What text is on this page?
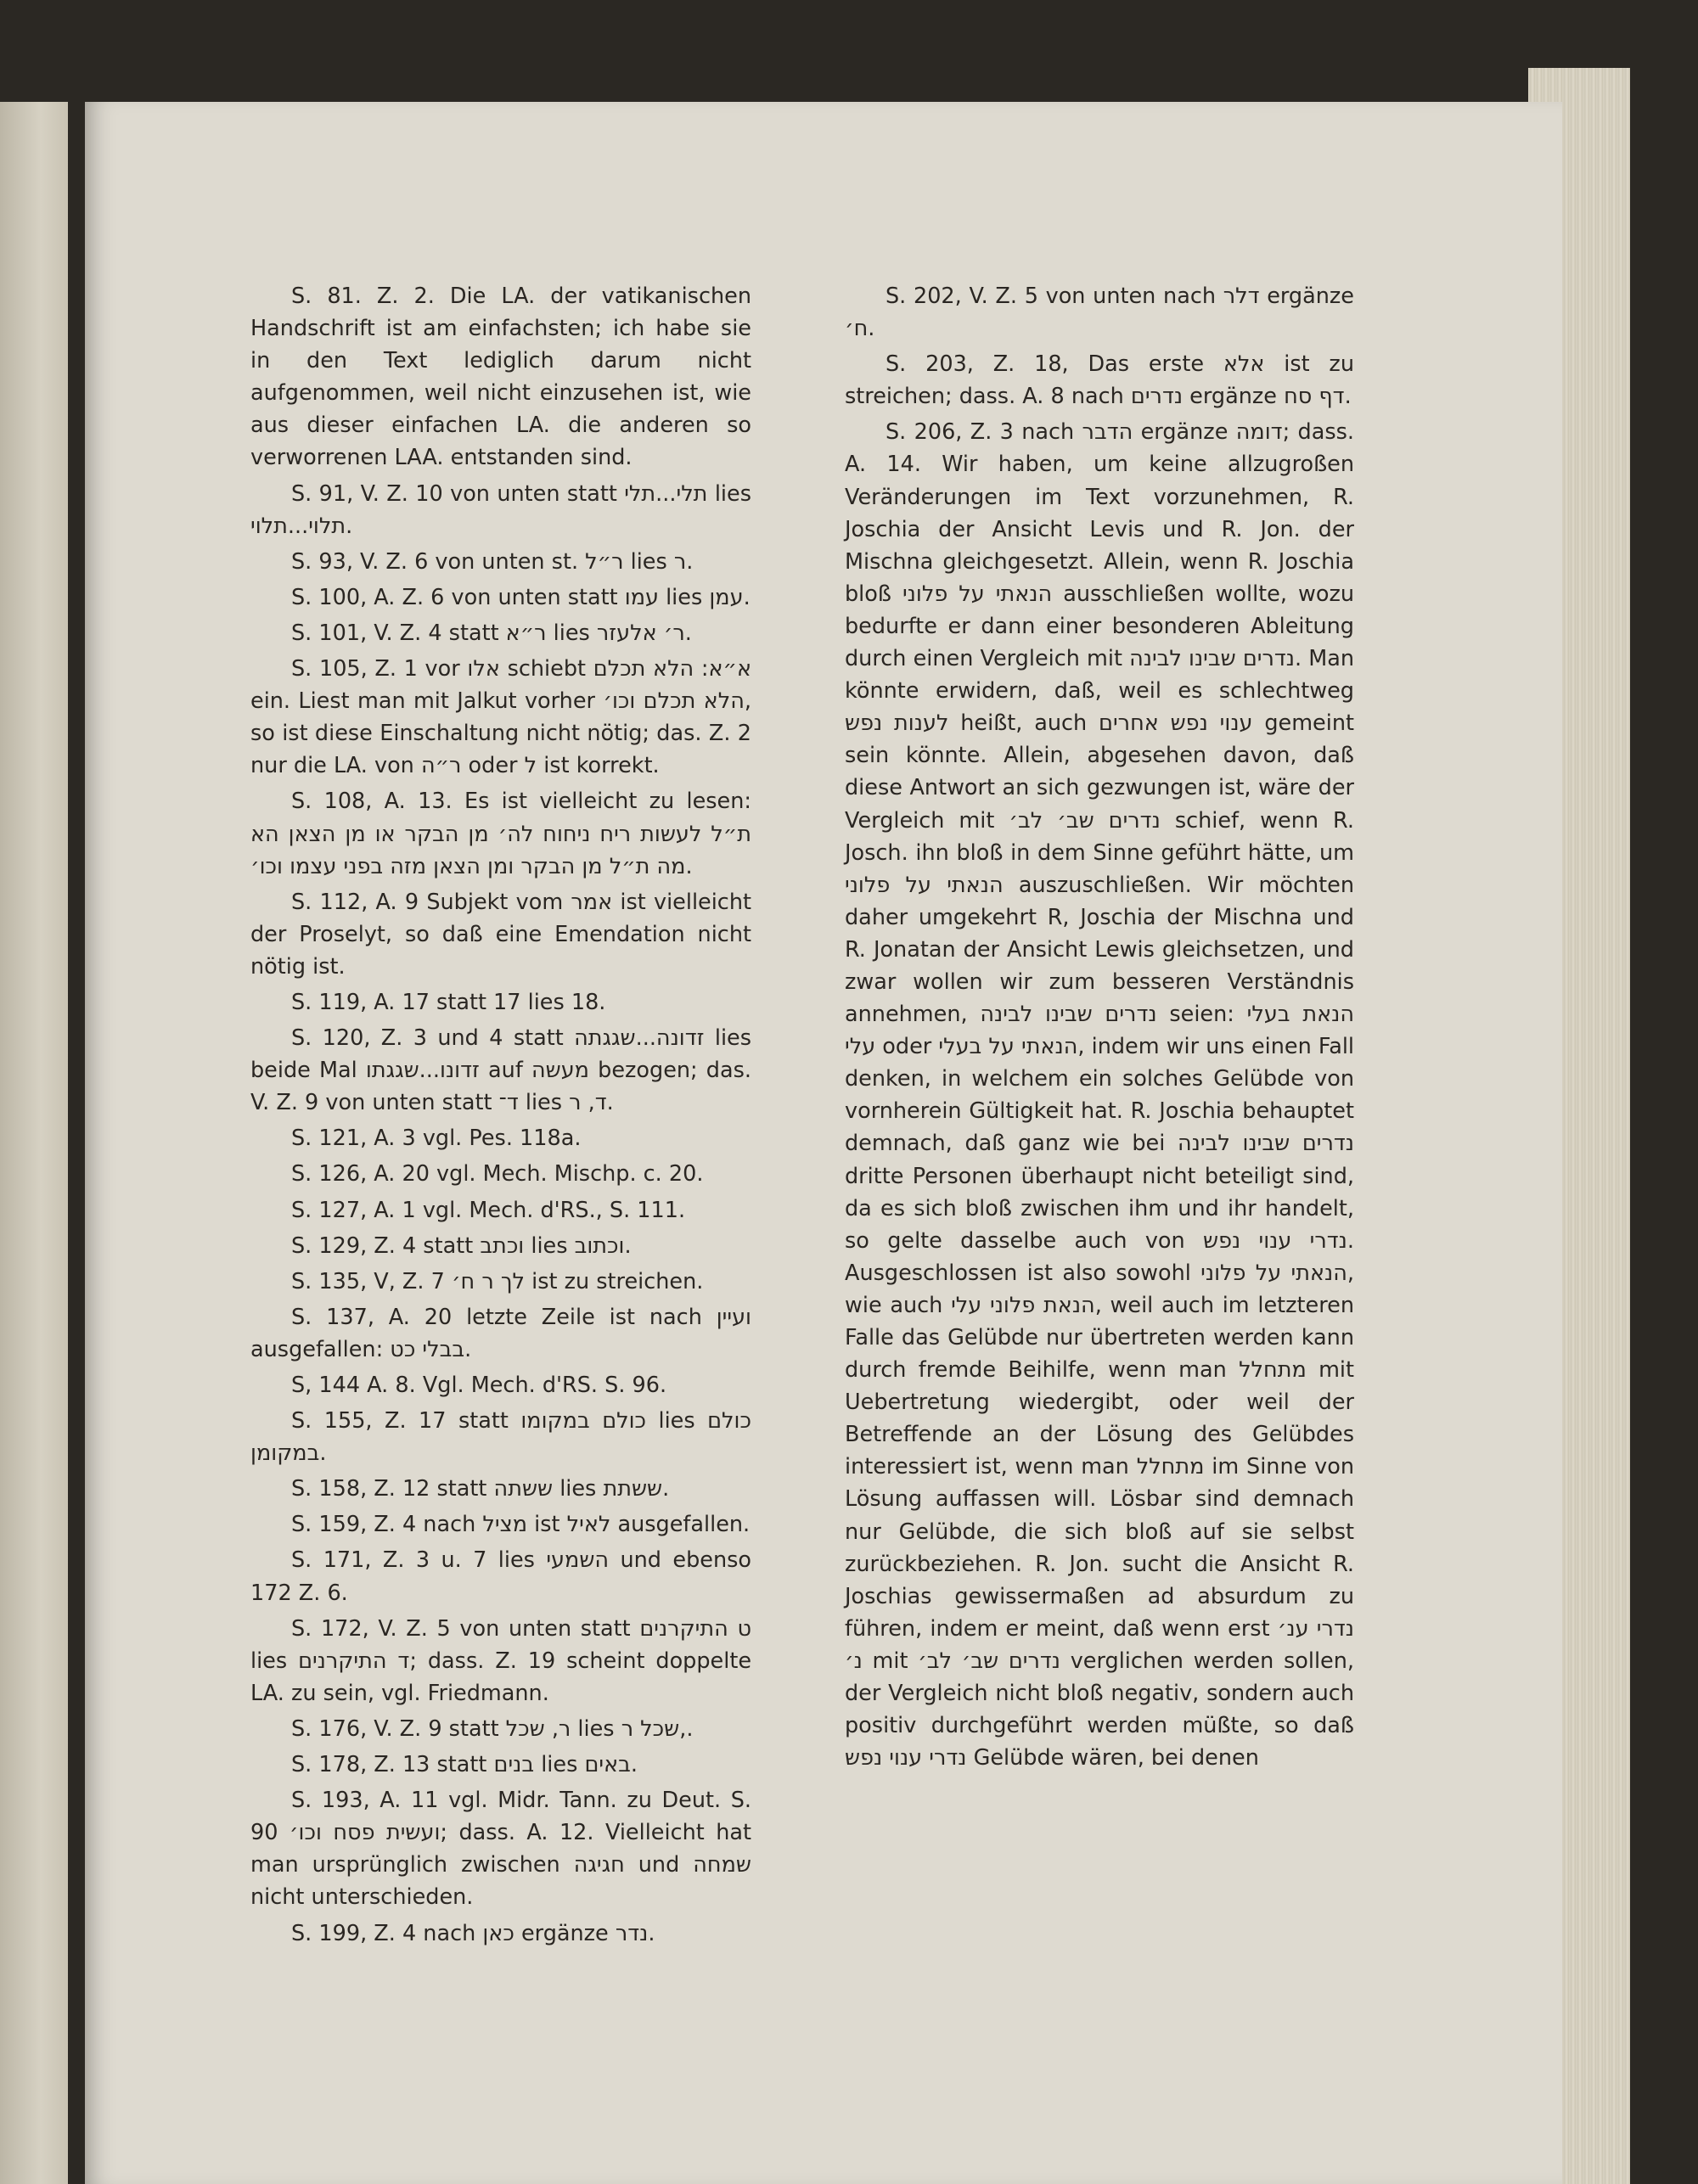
S. 81. Z. 2. Die LA. der vatikanischen Handschrift ist am einfachsten; ich habe sie in den Text lediglich darum nicht aufgenommen, weil nicht einzusehen ist, wie aus dieser einfachen LA. die anderen so verworrenen LAA. entstanden sind.

S. 91, V. Z. 10 von unten statt תלי...תלי lies תלוי...תלוי.

S. 93, V. Z. 6 von unten st. ר״ל lies ר.

S. 100, A. Z. 6 von unten statt עמו lies עמן.

S. 101, V. Z. 4 statt ר״א lies ר׳ אלעזר.

S. 105, Z. 1 vor אלו schiebt א״א: הלא תכלם ein. Liest man mit Jalkut vorher הלא תכלם וכו׳, so ist diese Einschaltung nicht nötig; das. Z. 2 nur die LA. von ר״ה oder ל ist korrekt.

S. 108, A. 13. Es ist vielleicht zu lesen: ת״ל לעשות ריח ניחוח לה׳ מן הבקר או מן הצאן הא מה ת״ל מן הבקר ומן הצאן מזה בפני עצמו וכו׳.

S. 112, A. 9 Subjekt vom אמר ist vielleicht der Proselyt, so daß eine Emendation nicht nötig ist.

S. 119, A. 17 statt 17 lies 18.

S. 120, Z. 3 und 4 statt זדונה...שגגתה lies beide Mal זדונו...שגגתו auf מעשה bezogen; das. V. Z. 9 von unten statt ד־ lies ד, ר.

S. 121, A. 3 vgl. Pes. 118a.

S. 126, A. 20 vgl. Mech. Mischp. c. 20.

S. 127, A. 1 vgl. Mech. d'RS., S. 111.

S. 129, Z. 4 statt וכתב lies וכתוב.

S. 135, V, Z. 7 לך ר ח׳ ist zu streichen.

S. 137, A. 20 letzte Zeile ist nach ועיין ausgefallen: בבלי כט.

S, 144 A. 8. Vgl. Mech. d'RS. S. 96.

S. 155, Z. 17 statt כולם במקומו lies כולם במקומן.

S. 158, Z. 12 statt ששתה lies ששתת.

S. 159, Z. 4 nach מציל ist לאיל ausgefallen.

S. 171, Z. 3 u. 7 lies השמעי und ebenso 172 Z. 6.

S. 172, V. Z. 5 von unten statt ט התיקרנים lies ד התיקרנים; dass. Z. 19 scheint doppelte LA. zu sein, vgl. Friedmann.

S. 176, V. Z. 9 statt ר, שכל lies שכל ר,.

S. 178, Z. 13 statt בנים lies באים.

S. 193, A. 11 vgl. Midr. Tann. zu Deut. S. 90 ועשית פסח וכו׳; dass. A. 12. Vielleicht hat man ursprünglich zwischen חגיגה und שמחה nicht unterschieden.

S. 199, Z. 4 nach כאן ergänze נדר.

S. 202, V. Z. 5 von unten nach דלר ergänze ח׳.

S. 203, Z. 18, Das erste אלא ist zu streichen; dass. A. 8 nach נדרים ergänze דף סח.

S. 206, Z. 3 nach הדבר ergänze דומה; dass. A. 14. Wir haben, um keine allzugroßen Veränderungen im Text vorzunehmen, R. Joschia der Ansicht Levis und R. Jon. der Mischna gleichgesetzt. Allein, wenn R. Joschia bloß הנאתי על פלוני ausschließen wollte, wozu bedurfte er dann einer besonderen Ableitung durch einen Vergleich mit נדרים שבינו לבינה. Man könnte erwidern, daß, weil es schlechtweg לענות נפש heißt, auch ענוי נפש אחרים gemeint sein könnte. Allein, abgesehen davon, daß diese Antwort an sich gezwungen ist, wäre der Vergleich mit נדרים שב׳ לב׳ schief, wenn R. Josch. ihn bloß in dem Sinne geführt hätte, um הנאתי על פלוני auszuschließen. Wir möchten daher umgekehrt R, Joschia der Mischna und R. Jonatan der Ansicht Lewis gleichsetzen, und zwar wollen wir zum besseren Verständnis annehmen, נדרים שבינו לבינה seien: הנאת בעלי עלי oder הנאתי על בעלי, indem wir uns einen Fall denken, in welchem ein solches Gelübde von vornherein Gültigkeit hat. R. Joschia behauptet demnach, daß ganz wie bei נדרים שבינו לבינה dritte Personen überhaupt nicht beteiligt sind, da es sich bloß zwischen ihm und ihr handelt, so gelte dasselbe auch von נדרי ענוי נפש. Ausgeschlossen ist also sowohl הנאתי על פלוני, wie auch הנאת פלוני עלי, weil auch im letzteren Falle das Gelübde nur übertreten werden kann durch fremde Beihilfe, wenn man מתחלל mit Uebertretung wiedergibt, oder weil der Betreffende an der Lösung des Gelübdes interessiert ist, wenn man מתחלל im Sinne von Lösung auffassen will. Lösbar sind demnach nur Gelübde, die sich bloß auf sie selbst zurückbeziehen. R. Jon. sucht die Ansicht R. Joschias gewissermaßen ad absurdum zu führen, indem er meint, daß wenn erst נדרי ענ׳ נ׳ mit נדרים שב׳ לב׳ verglichen werden sollen, der Vergleich nicht bloß negativ, sondern auch positiv durchgeführt werden müßte, so daß נדרי ענוי נפש Gelübde wären, bei denen
